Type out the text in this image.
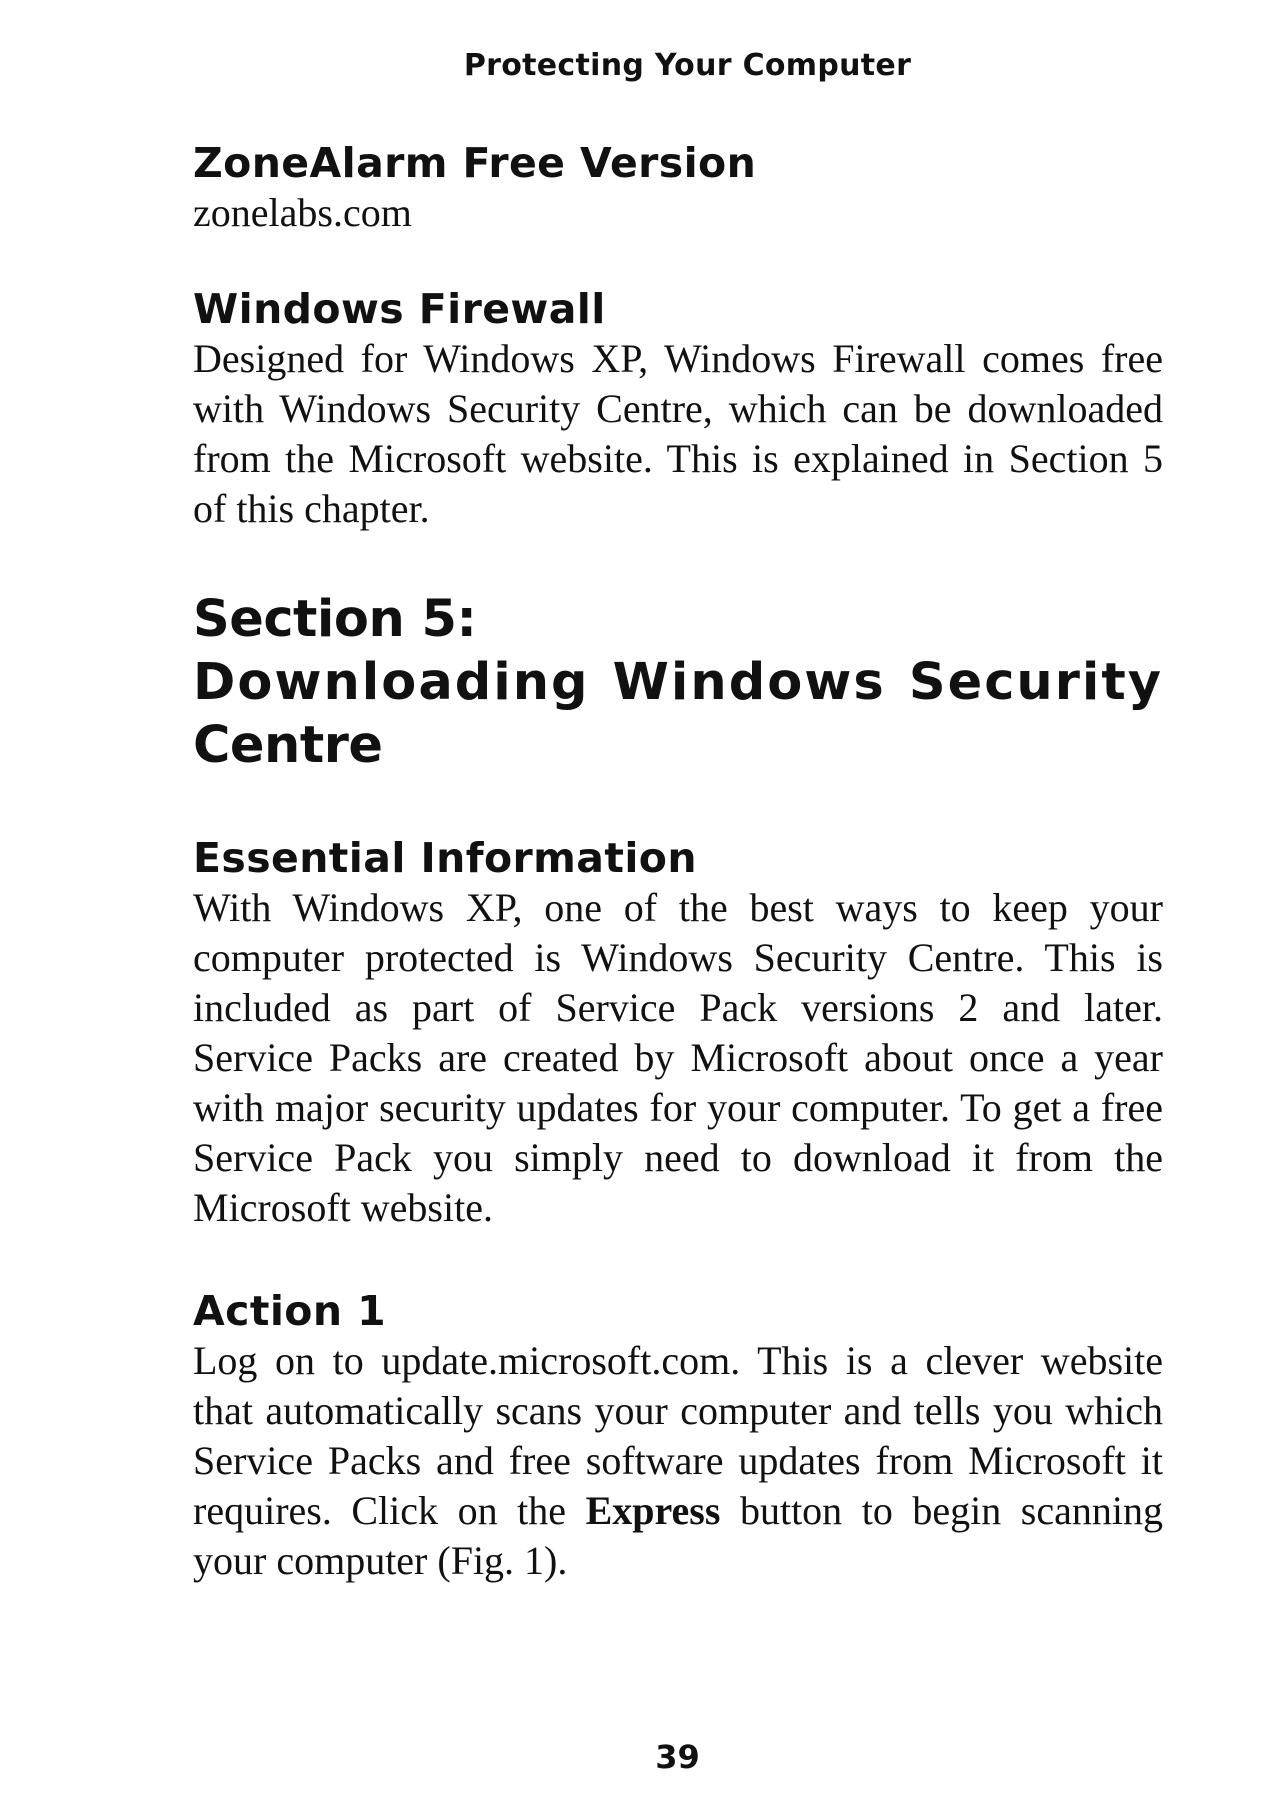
Protecting Your Computer
ZoneAlarm Free Version

zonelabs.com

Windows Firewall

Designed for Windows XP, Windows Firewall comes free with Windows Security Centre, which can be downloaded from the Microsoft website. This is explained in Section 5 of this chapter.

Section 5:
Downloading Windows Security
Centre
Essential Information

With Windows XP, one of the best ways to keep your computer protected is Windows Security Centre. This is included as part of Service Pack versions 2 and later. Service Packs are created by Microsoft about once a year with major security updates for your computer. To get a free Service Pack you simply need to download it from the Microsoft website.

Action 1

Log on to update.microsoft.com. This is a clever website that automatically scans your computer and tells you which Service Packs and free software updates from Microsoft it requires. Click on the Express button to begin scanning your computer (Fig. 1).

39
